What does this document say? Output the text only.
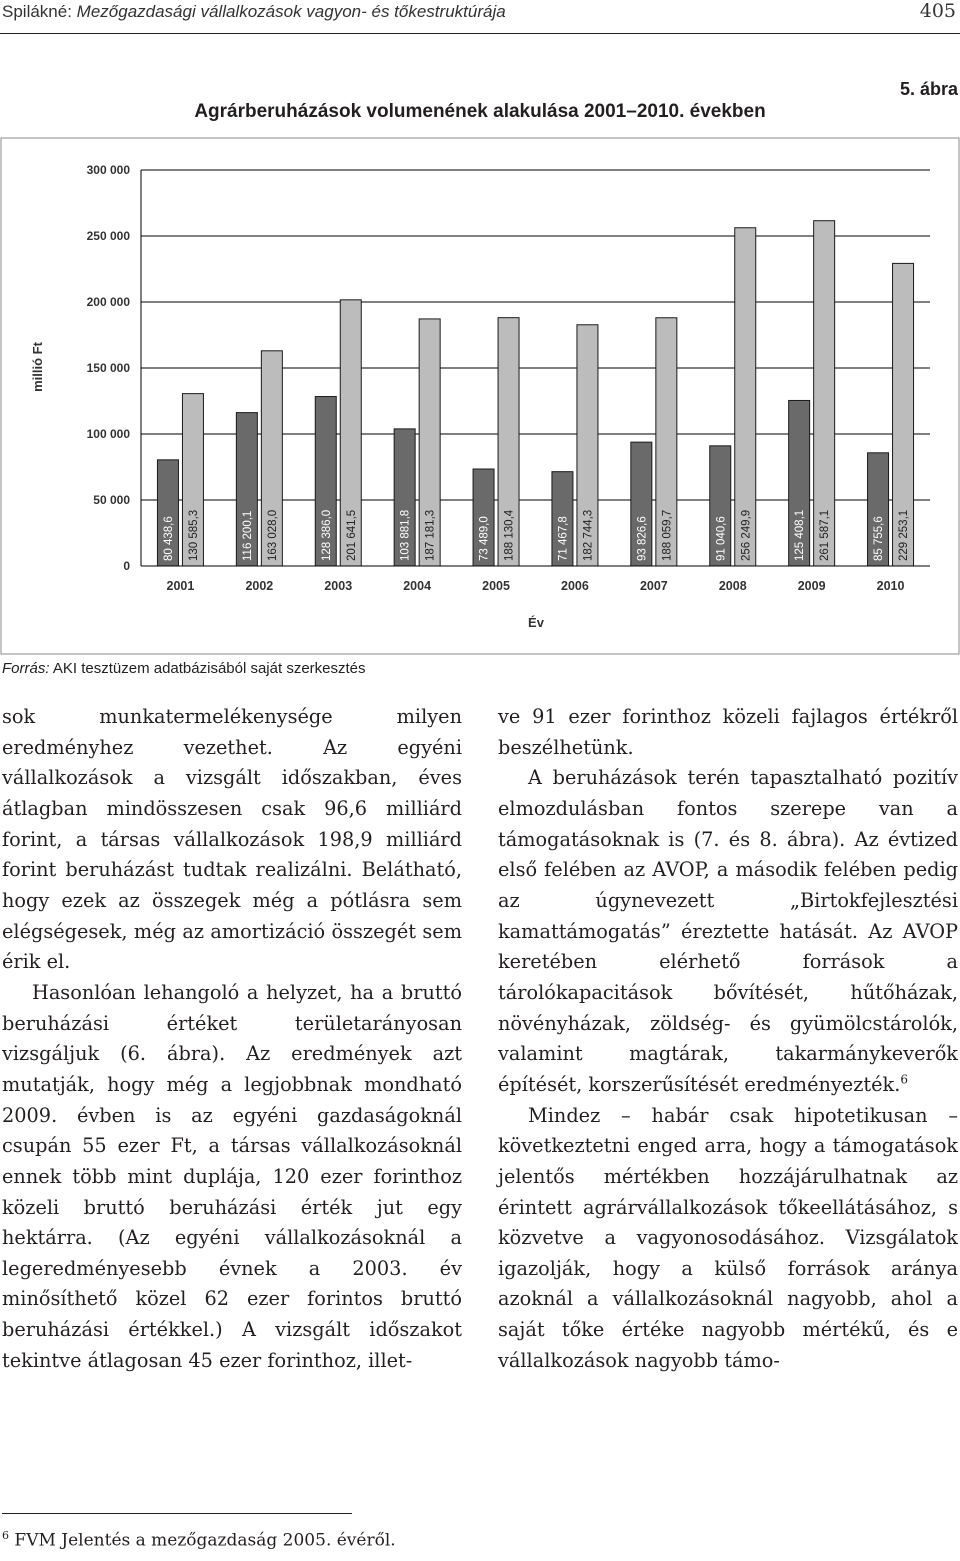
Spilákné: Mezőgazdasági vállalkozások vagyon- és tőkestruktúrája	405
5. ábra
Agrárberuházások volumenének alakulása 2001–2010. években
80 438,6 130 585,3	116 200,1 163 028,0	128 386,0 201 641,5	103 881,8 187 181,3	73 489,0 188 130,4	71 467,8 182 744,3	93 826,6 188 059,7	91 040,6 256 249,9	125 408,1 261 587,1	85 755,6 229 253,1
0
50 000
100 000
150 000
200 000
250 000
300 000
2001	2002	2003	2004	2005	2006	2007	2008	2009	2010
millió Ft
Év
Forrás: AKI tesztüzem adatbázisából saját szerkesztés

sok munkatermelékenysége milyen eredményhez vezethet. Az egyéni vállalkozások a vizsgált időszakban, éves átlagban mindösszesen csak 96,6 milliárd forint, a társas vállalkozások 198,9 milliárd forint beruházást tudtak realizálni. Belátható, hogy ezek az összegek még a pótlásra sem elégségesek, még az amortizáció összegét sem érik el.

Hasonlóan lehangoló a helyzet, ha a bruttó beruházási értéket területarányosan vizsgáljuk (6. ábra). Az eredmények azt mutatják, hogy még a legjobbnak mondható 2009. évben is az egyéni gazdaságoknál csupán 55 ezer Ft, a társas vállalkozásoknál ennek több mint duplája, 120 ezer forinthoz közeli bruttó beruházási érték jut egy hektárra. (Az egyéni vállalkozásoknál a legeredményesebb évnek a 2003. év minősíthető közel 62 ezer forintos bruttó beruházási értékkel.) A vizsgált időszakot tekintve átlagosan 45 ezer forinthoz, illet-

ve 91 ezer forinthoz közeli fajlagos értékről beszélhetünk.

A beruházások terén tapasztalható pozitív elmozdulásban fontos szerepe van a támogatásoknak is (7. és 8. ábra). Az évtized első felében az AVOP, a második felében pedig az úgynevezett „Birtokfejlesztési kamattámogatás” éreztette hatását. Az AVOP keretében elérhető források a tárolókapacitások bővítését, hűtőházak, növényházak, zöldség- és gyümölcstárolók, valamint magtárak, takarmánykeverők építését, korszerűsítését eredményezték.$^6$

Mindez – habár csak hipotetikusan – következtetni enged arra, hogy a támogatások jelentős mértékben hozzájárulhatnak az érintett agrárvállalkozások tőkeellátásához, s közvetve a vagyonosodásához. Vizsgálatok igazolják, hogy a külső források aránya azoknál a vállalkozásoknál nagyobb, ahol a saját tőke értéke nagyobb mértékű, és e vállalkozások nagyobb támo-

$^6$ FVM Jelentés a mezőgazdaság 2005. évéről.
